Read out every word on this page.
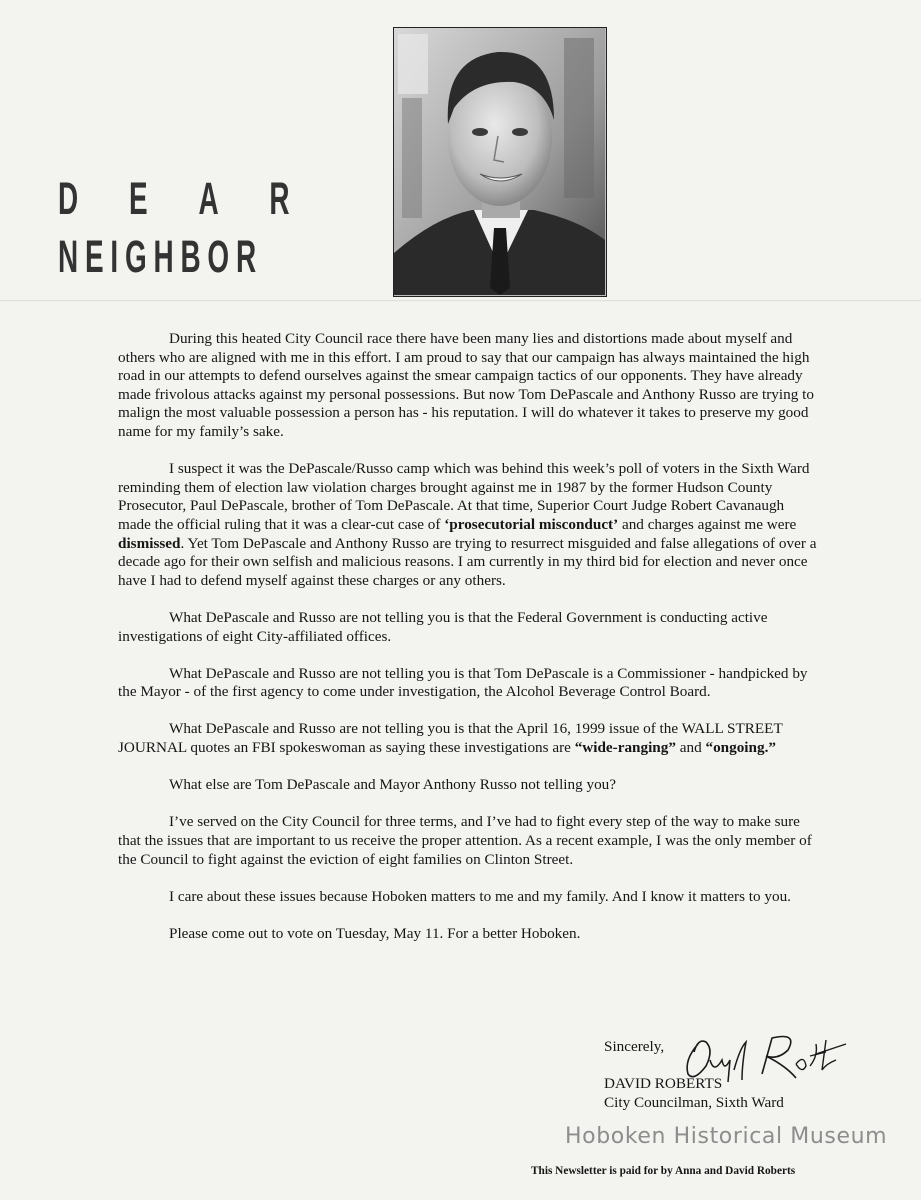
DEAR
NEIGHBOR

During this heated City Council race there have been many lies and distortions made about myself and others who are aligned with me in this effort. I am proud to say that our campaign has always maintained the high road in our attempts to defend ourselves against the smear campaign tactics of our opponents. They have already made frivolous attacks against my personal possessions. But now Tom DePascale and Anthony Russo are trying to malign the most valuable possession a person has - his reputation. I will do whatever it takes to preserve my good name for my family’s sake.

I suspect it was the DePascale/Russo camp which was behind this week’s poll of voters in the Sixth Ward reminding them of election law violation charges brought against me in 1987 by the former Hudson County Prosecutor, Paul DePascale, brother of Tom DePascale. At that time, Superior Court Judge Robert Cavanaugh made the official ruling that it was a clear-cut case of ‘prosecutorial misconduct’ and charges against me were dismissed. Yet Tom DePascale and Anthony Russo are trying to resurrect misguided and false allegations of over a decade ago for their own selfish and malicious reasons. I am currently in my third bid for election and never once have I had to defend myself against these charges or any others.

What DePascale and Russo are not telling you is that the Federal Government is conducting active investigations of eight City-affiliated offices.

What DePascale and Russo are not telling you is that Tom DePascale is a Commissioner - handpicked by the Mayor - of the first agency to come under investigation, the Alcohol Beverage Control Board.

What DePascale and Russo are not telling you is that the April 16, 1999 issue of the WALL STREET JOURNAL quotes an FBI spokeswoman as saying these investigations are “wide-ranging” and “ongoing.”

What else are Tom DePascale and Mayor Anthony Russo not telling you?

I’ve served on the City Council for three terms, and I’ve had to fight every step of the way to make sure that the issues that are important to us receive the proper attention. As a recent example, I was the only member of the Council to fight against the eviction of eight families on Clinton Street.

I care about these issues because Hoboken matters to me and my family. And I know it matters to you.

Please come out to vote on Tuesday, May 11. For a better Hoboken.

Sincerely,
DAVID ROBERTS
City Councilman, Sixth Ward
Hoboken Historical Museum
This Newsletter is paid for by Anna and David Roberts
